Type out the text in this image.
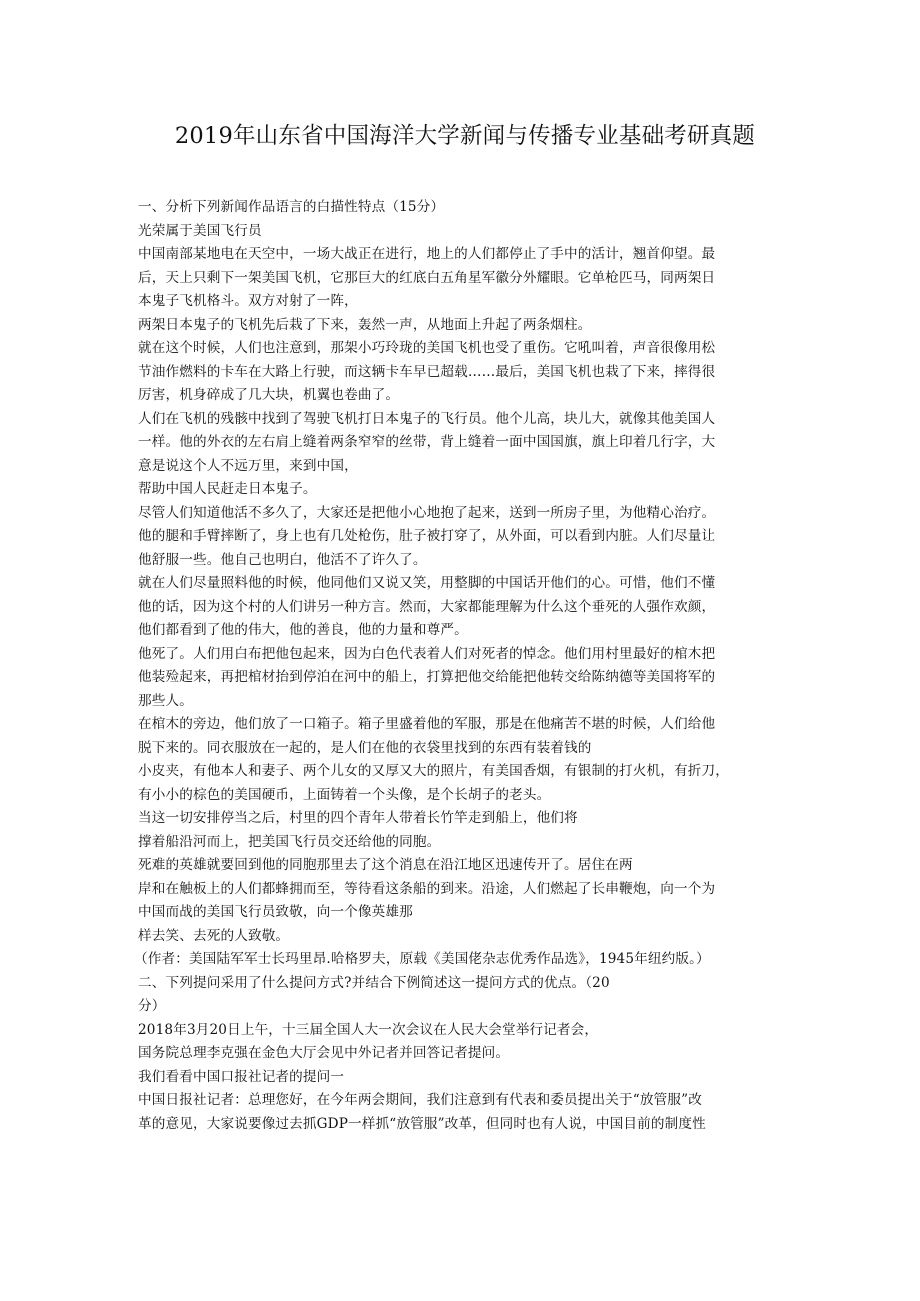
2019年山东省中国海洋大学新闻与传播专业基础考研真题

一、分析下列新闻作品语言的白描性特点（15分）

光荣属于美国飞行员

中国南部某地电在天空中，一场大战正在进行，地上的人们都停止了手中的活计，翘首仰望。最

后，天上只剩下一架美国飞机，它那巨大的红底白五角星军徽分外耀眼。它单枪匹马，同两架日

本鬼子飞机格斗。双方对射了一阵，

两架日本鬼子的飞机先后栽了下来，轰然一声，从地面上升起了两条烟柱。

就在这个时候，人们也注意到，那架小巧玲珑的美国飞机也受了重伤。它吼叫着，声音很像用松

节油作燃料的卡车在大路上行驶，而这辆卡车早已超载……最后，美国飞机也栽了下来，摔得很

厉害，机身碎成了几大块，机翼也卷曲了。

人们在飞机的残骸中找到了驾驶飞机打日本鬼子的飞行员。他个儿高，块儿大，就像其他美国人

一样。他的外衣的左右肩上缝着两条窄窄的丝带，背上缝着一面中国国旗，旗上印着几行字，大

意是说这个人不远万里，来到中国，

帮助中国人民赶走日本鬼子。

尽管人们知道他活不多久了，大家还是把他小心地抱了起来，送到一所房子里，为他精心治疗。

他的腿和手臂摔断了，身上也有几处枪伤，肚子被打穿了，从外面，可以看到内脏。人们尽量让

他舒服一些。他自己也明白，他活不了许久了。

就在人们尽量照料他的时候，他同他们又说又笑，用整脚的中国话开他们的心。可惜，他们不懂

他的话，因为这个村的人们讲另一种方言。然而，大家都能理解为什么这个垂死的人强作欢颜，

他们都看到了他的伟大，他的善良，他的力量和尊严。

他死了。人们用白布把他包起来，因为白色代表着人们对死者的悼念。他们用村里最好的棺木把

他装殓起来，再把棺材抬到停泊在河中的船上，打算把他交给能把他转交给陈纳德等美国将军的

那些人。

在棺木的旁边，他们放了一口箱子。箱子里盛着他的军服，那是在他痛苦不堪的时候，人们给他

脱下来的。同衣服放在一起的，是人们在他的衣袋里找到的东西有装着钱的

小皮夹，有他本人和妻子、两个儿女的又厚又大的照片，有美国香烟，有银制的打火机，有折刀，

有小小的棕色的美国硬币，上面铸着一个头像，是个长胡子的老头。

当这一切安排停当之后，村里的四个青年人带着长竹竿走到船上，他们将

撑着船沿河而上，把美国飞行员交还给他的同胞。

死难的英雄就要回到他的同胞那里去了这个消息在沿江地区迅速传开了。居住在两

岸和在触板上的人们都蜂拥而至，等待看这条船的到来。沿途，人们燃起了长串鞭炮，向一个为

中国而战的美国飞行员致敬，向一个像英雄那

样去笑、去死的人致敬。

（作者：美国陆军军士长玛里昂.哈格罗夫，原载《美国佬杂志优秀作品选》，1945年纽约版。）

二、下列提问采用了什么提问方式?并结合下例简述这一提问方式的优点。（20

分）

2018年3月20日上午，十三届全国人大一次会议在人民大会堂举行记者会，

国务院总理李克强在金色大厅会见中外记者并回答记者提问。

我们看看中国口报社记者的提问一

中国日报社记者：总理您好，在今年两会期间，我们注意到有代表和委员提出关于“放管服”改

革的意见，大家说要像过去抓GDP一样抓“放管服”改革，但同时也有人说，中国目前的制度性
